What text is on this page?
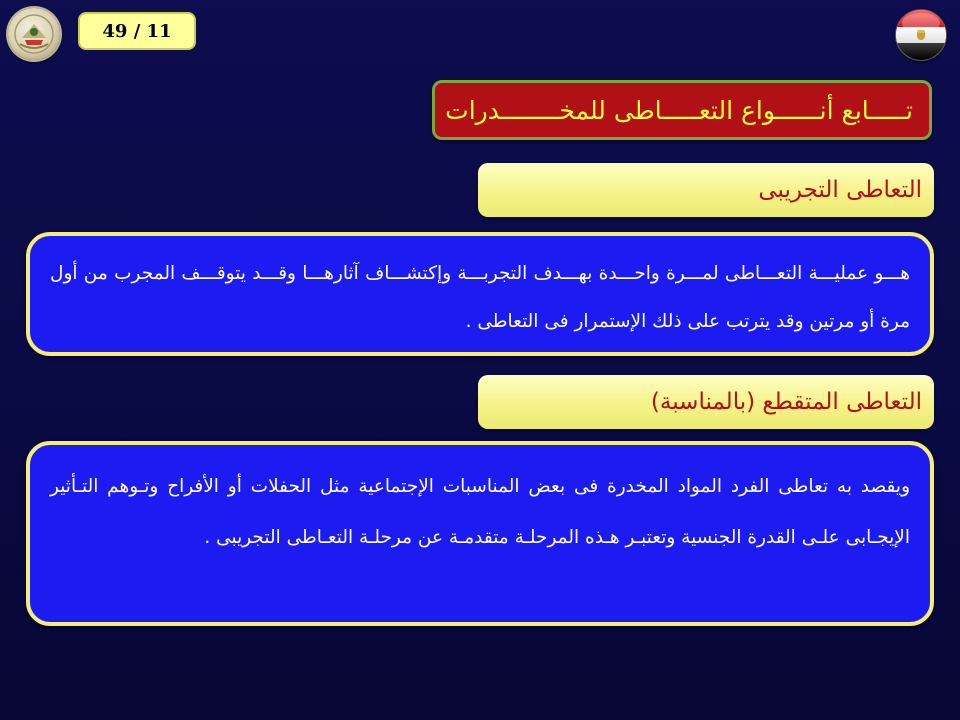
49 / 11
تـــــابع أنــــــواع التعـــــاطى للمخــــــــدرات
التعاطى التجريبى

هـــو عمليـــة التعـــاطى لمـــرة واحـــدة بهـــدف التجربـــة وإكتشـــاف آثارهـــا وقـــد يتوقـــف المجرب من أول مرة أو مرتين وقد يترتب على ذلك الإستمرار فى التعاطى .

التعاطى المتقطع (بالمناسبة)

ويقصد به تعاطى الفرد المواد المخدرة فى بعض المناسبات الإجتماعية مثل الحفلات أو الأفراح وتـوهم التـأثير الإيجـابى علـى القدرة الجنسية وتعتبـر هـذه المرحلـة متقدمـة عن مرحلـة التعـاطى التجريبى .
